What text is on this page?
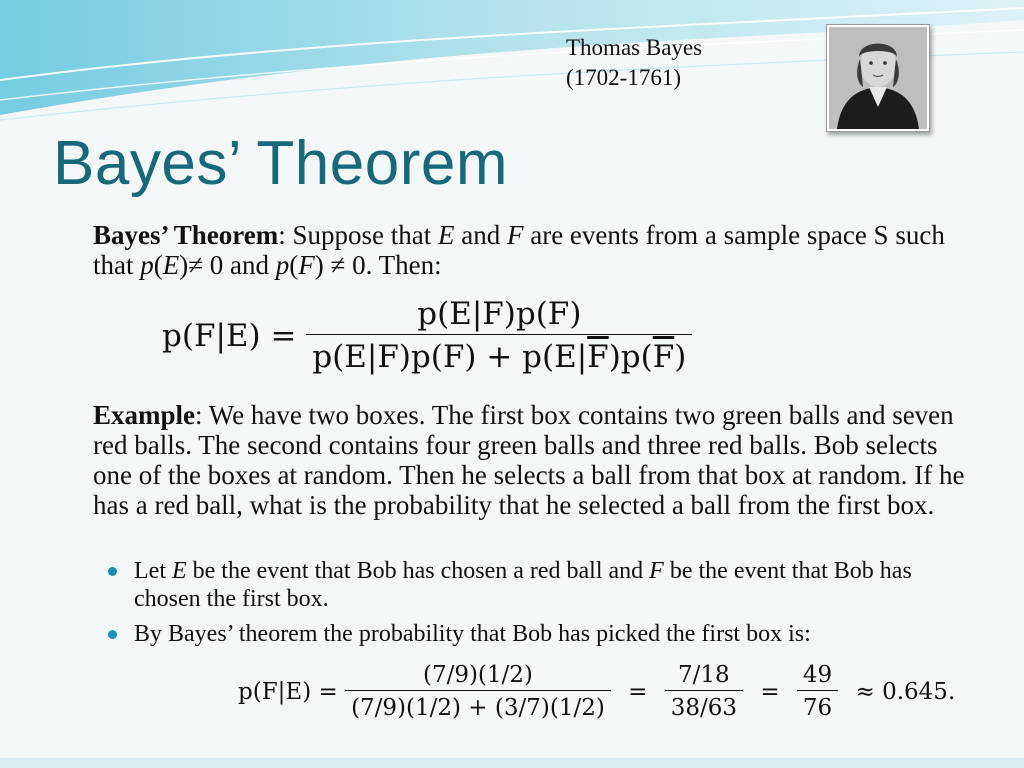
Thomas Bayes
(1702-1761)
Bayes’ Theorem

Bayes’ Theorem: Suppose that E and F are events from a sample space S such that p(E)≠ 0 and p(F) ≠ 0. Then:

$p(F|E) = \frac{p(E|F)p(F)}{p(E|F)p(F) + p(E|\overline{F})p(\overline{F})}$

Example: We have two boxes. The first box contains two green balls and seven red balls. The second contains four green balls and three red balls. Bob selects one of the boxes at random. Then he selects a ball from that box at random. If he has a red ball, what is the probability that he selected a ball from the first box.

Let E be the event that Bob has chosen a red ball and F be the event that Bob has chosen the first box.
By Bayes’ theorem the probability that Bob has picked the first box is:
$p(F|E) = \frac{(7/9)(1/2)}{(7/9)(1/2) + (3/7)(1/2)} = \frac{7/18}{38/63} = \frac{49}{76} \approx 0.645$.
